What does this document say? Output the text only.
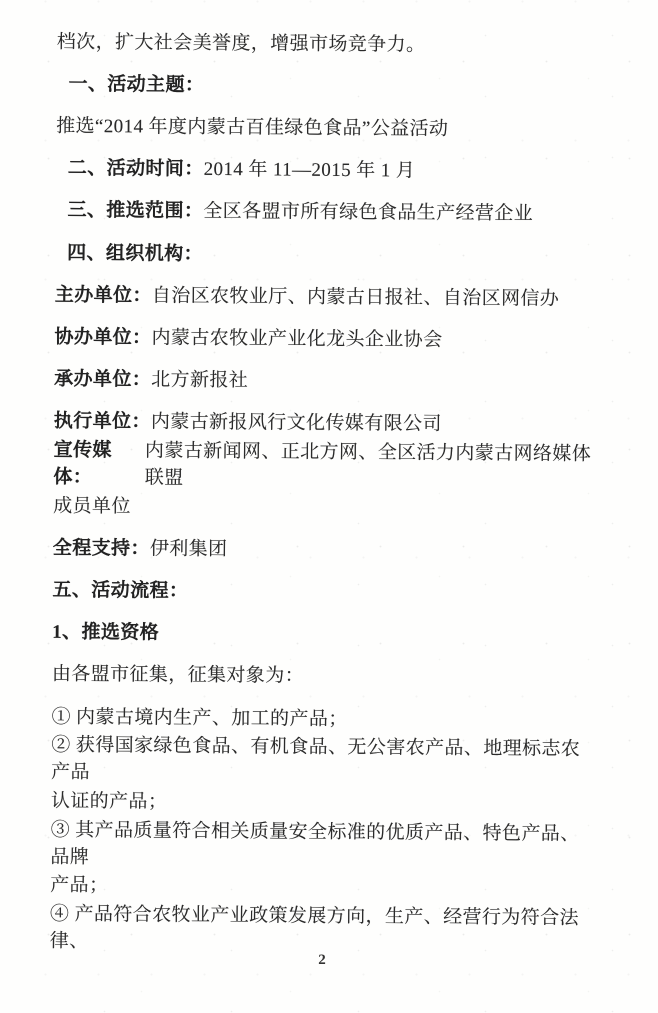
档次，扩大社会美誉度，增强市场竞争力。
一、活动主题：
推选“2014 年度内蒙古百佳绿色食品”公益活动
二、活动时间： 2014 年 11—2015 年 1 月
三、推选范围： 全区各盟市所有绿色食品生产经营企业
四、组织机构：
主办单位： 自治区农牧业厅、内蒙古日报社、自治区网信办
协办单位： 内蒙古农牧业产业化龙头企业协会
承办单位： 北方新报社
执行单位： 内蒙古新报风行文化传媒有限公司
宣传媒体：
内蒙古新闻网、正北方网、全区活力内蒙古网络媒体联盟
成员单位
全程支持： 伊利集团
五、活动流程：
1、推选资格
由各盟市征集，征集对象为：
① 内蒙古境内生产、加工的产品；
② 获得国家绿色食品、有机食品、无公害农产品、地理标志农产品
认证的产品；
③ 其产品质量符合相关质量安全标准的优质产品、特色产品、品牌
产品；
④ 产品符合农牧业产业政策发展方向，生产、经营行为符合法律、
2
